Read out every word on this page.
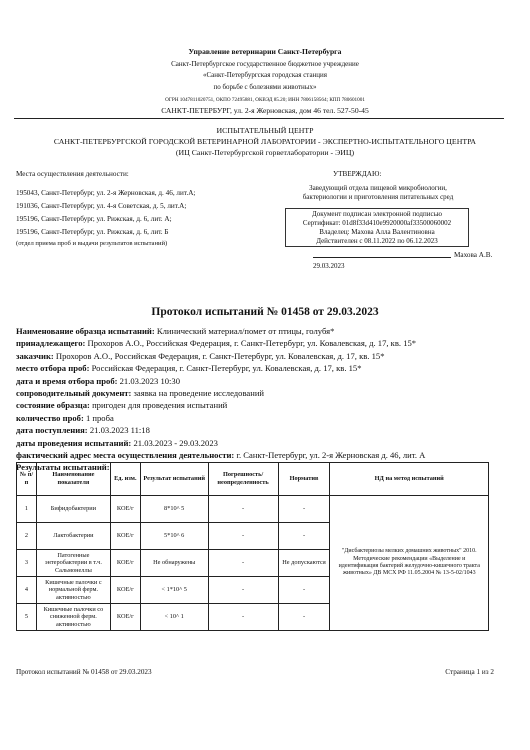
Управление ветеринарии Санкт-Петербурга
Санкт-Петербургское государственное бюджетное учреждение
«Санкт-Петербургская городская станция
по борьбе с болезнями животных»
ОГРН 1047811020751, ОКПО 72495881, ОКВЭД 85.20; ИНН 7806158564; КПП 780601001
САНКТ-ПЕТЕРБУРГ, ул. 2-я Жерновская, дом 46 тел. 527-50-45
ИСПЫТАТЕЛЬНЫЙ ЦЕНТР
САНКТ-ПЕТЕРБУРГСКОЙ ГОРОДСКОЙ ВЕТЕРИНАРНОЙ ЛАБОРАТОРИИ - ЭКСПЕРТНО-ИСПЫТАТЕЛЬНОГО ЦЕНТРА
(ИЦ Санкт-Петербургской горветлаборатории - ЭИЦ)
Места осуществления деятельности:
195043, Санкт-Петербург, ул. 2-я Жерновская, д. 46, лит.А;
191036, Санкт-Петербург, ул. 4-я Советская, д. 5, лит.А;
195196, Санкт-Петербург, ул. Рижская, д. 6, лит. А;
195196, Санкт-Петербург, ул. Рижская, д. 6, лит. Б
(отдел приема проб и выдачи результатов испытаний)
УТВЕРЖДАЮ:
Заведующий отдела пищевой микробиологии,
бактериологии и приготовления питательных сред
Документ подписан электронной подписью
Сертификат: 01d8f33d410e9920000af33500060002
Владелец: Махова Алла Валентиновна
Действителен с 08.11.2022 по 06.12.2023
Махова А.В.
29.03.2023
Протокол испытаний № 01458 от 29.03.2023
Наименование образца испытаний: Клинический материал/помет от птицы, голубя*
принадлежащего: Прохоров А.О., Российская Федерация, г. Санкт-Петербург, ул. Ковалевская, д. 17, кв. 15*
заказчик: Прохоров А.О., Российская Федерация, г. Санкт-Петербург, ул. Ковалевская, д. 17, кв. 15*
место отбора проб: Российская Федерация, г. Санкт-Петербург, ул. Ковалевская, д. 17, кв. 15*
дата и время отбора проб: 21.03.2023 10:30
сопроводительный документ: заявка на проведение исследований
состояние образца: пригоден для проведения испытаний
количество проб: 1 проба
дата поступления: 21.03.2023 11:18
даты проведения испытаний: 21.03.2023 - 29.03.2023
фактический адрес места осуществления деятельности: г. Санкт-Петербург, ул. 2-я Жерновская д. 46, лит. А
Результаты испытаний:
№ п/п	Наименование показателя	Ед. изм.	Результат испытаний	Погрешность/ неопределенность	Норматив	НД на метод испытаний
1	Бифидобактерии	КОЕ/г	8*10^ 5	-	-	"Дисбактериозы мелких домашних животных" 2010. Методические рекомендации «Выделение и идентификация бактерий желудочно-кишечного тракта животных» ДВ МСХ РФ 11.05.2004 № 13-5-02/1043
2	Лактобактерии	КОЕ/г	5*10^ 6	-	-	
3	Патогенные энтеробактерии в т.ч. Сальмонеллы	КОЕ/г	Не обнаружены	-	Не допускаются	
4	Кишечные палочки с нормальной ферм. активностью	КОЕ/г	< 1*10^ 5	-	-	
5	Кишечные палочки со сниженной ферм. активностью	КОЕ/г	< 10^ 1	-	-	
Протокол испытаний № 01458 от 29.03.2023	Страница 1 из 2
